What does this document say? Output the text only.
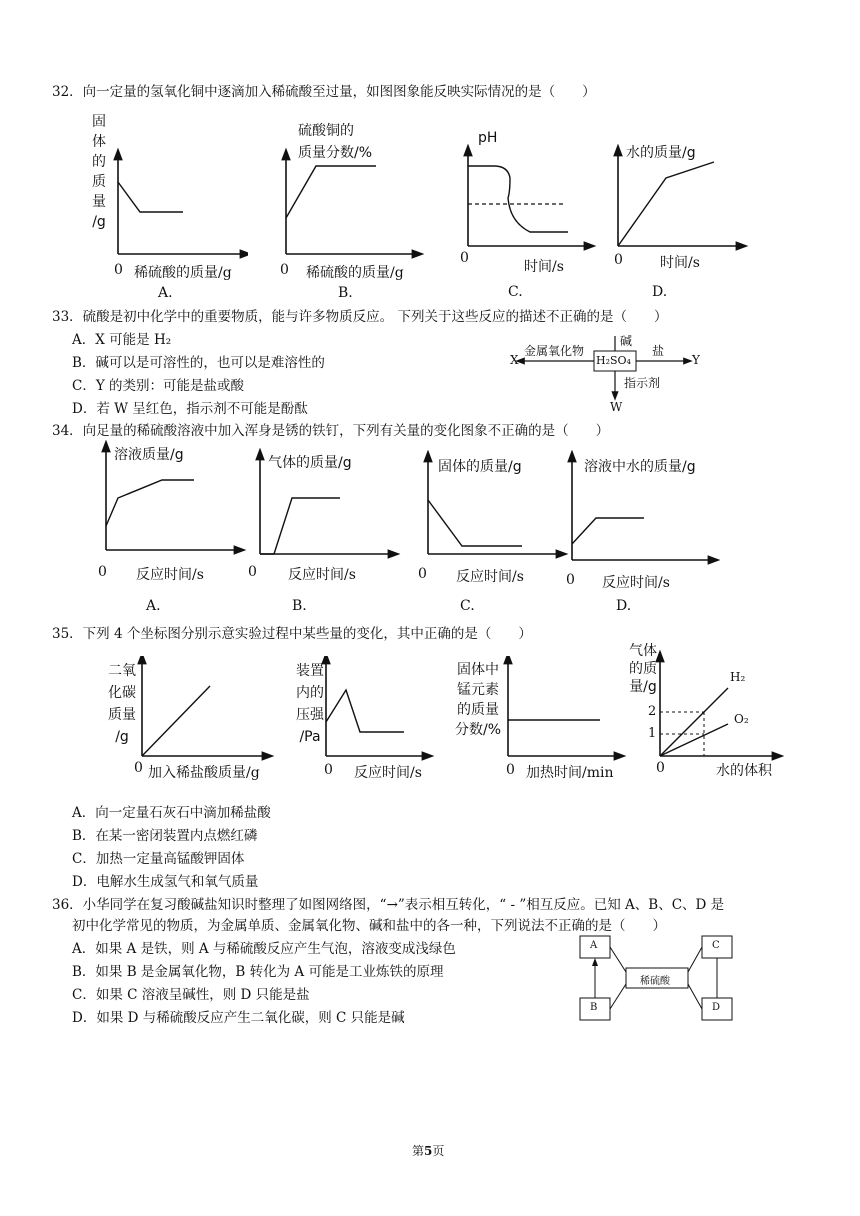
32．向一定量的氢氧化铜中逐滴加入稀硫酸至过量，如图图象能反映实际情况的是（　　）
固
体
的
质
量
/g
0 稀硫酸的质量/g
A.
硫酸铜的
质量分数/%
0 稀硫酸的质量/g
B.
pH
0
时间/s
C.
水的质量/g
0	时间/s
D.
33．硫酸是初中化学中的重要物质，能与许多物质反应。 下列关于这些反应的描述不正确的是（　　）
A．X 可能是 H₂
B．碱可以是可溶性的，也可以是难溶性的
C．Y 的类别：可能是盐或酸
D．若 W 呈红色，指示剂不可能是酚酞
H₂SO₄
金属氧化物
X
碱
盐
Y
指示剂
W
34．向足量的稀硫酸溶液中加入浑身是锈的铁钉，下列有关量的变化图象不正确的是（　　）
溶液质量/g
0 反应时间/s
A.
气体的质量/g
0 反应时间/s
B.
固体的质量/g
0 反应时间/s
C.
溶液中水的质量/g
0 反应时间/s
D.
35．下列 4 个坐标图分别示意实验过程中某些量的变化，其中正确的是（　　）
二氧
化碳
质量
/g
0 加入稀盐酸质量/g
装置
内的
压强
/Pa
0 反应时间/s
固体中
锰元素
的质量
分数/%
0 加热时间/min
气体
的质
量/g
H₂
O₂
2
1
0	水的体积
A．向一定量石灰石中滴加稀盐酸
B．在某一密闭装置内点燃红磷
C．加热一定量高锰酸钾固体
D．电解水生成氢气和氧气质量
36．小华同学在复习酸碱盐知识时整理了如图网络图，“→”表示相互转化，“ - ”相互反应。已知 A、B、C、D 是
初中化学常见的物质，为金属单质、金属氧化物、碱和盐中的各一种，下列说法不正确的是（　　）
A．如果 A 是铁，则 A 与稀硫酸反应产生气泡，溶液变成浅绿色
B．如果 B 是金属氧化物，B 转化为 A 可能是工业炼铁的原理
C．如果 C 溶液呈碱性，则 D 只能是盐
D．如果 D 与稀硫酸反应产生二氧化碳，则 C 只能是碱
A
B
C
D
稀硫酸
第5页
